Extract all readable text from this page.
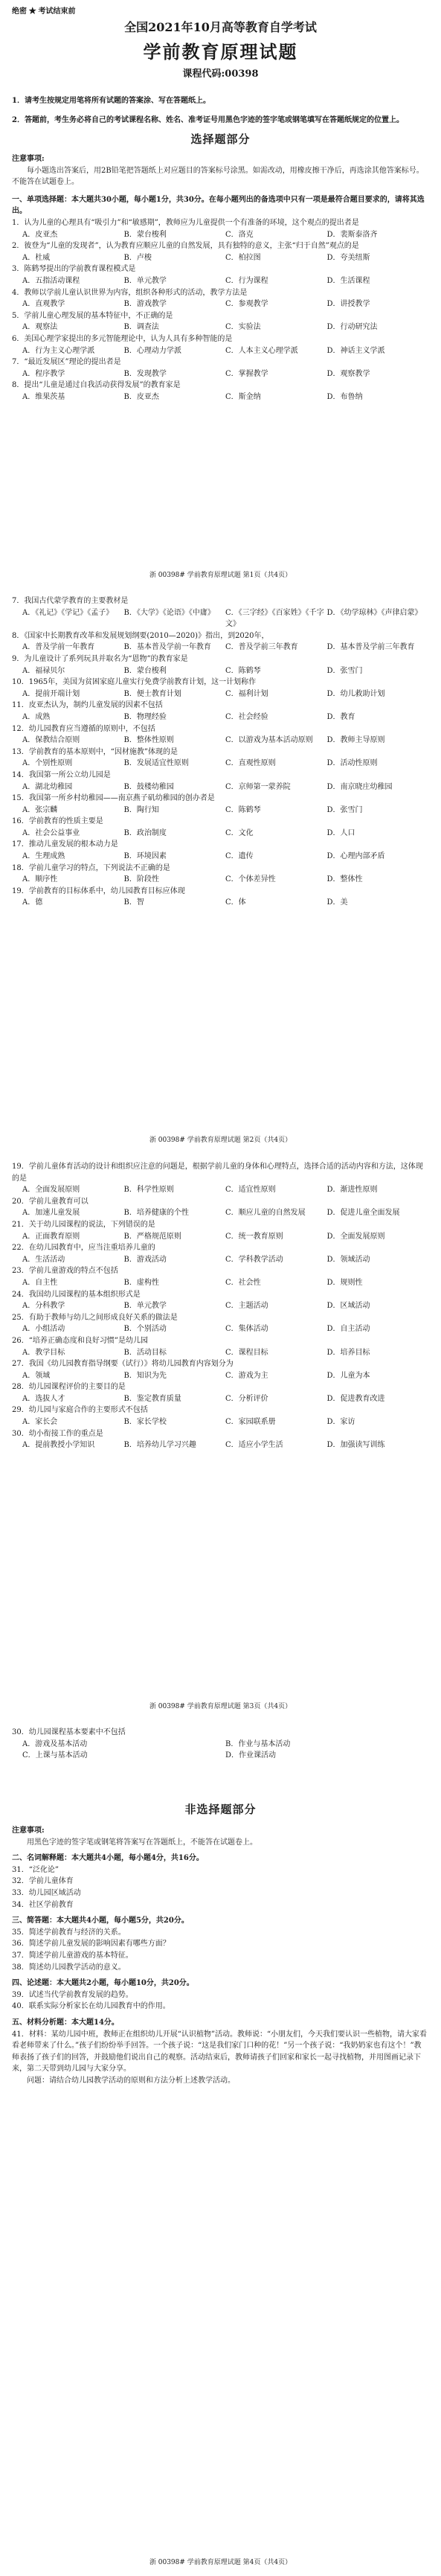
绝密 ★ 考试结束前
全国2021年10月高等教育自学考试
学前教育原理试题
课程代码:00398

1．请考生按规定用笔将所有试题的答案涂、写在答题纸上。

2．答题前，考生务必将自己的考试课程名称、姓名、准考证号用黑色字迹的签字笔或钢笔填写在答题纸规定的位置上。

选择题部分

注意事项:

每小题选出答案后，用2B铅笔把答题纸上对应题目的答案标号涂黑。如需改动，用橡皮擦干净后，再选涂其他答案标号。不能答在试题卷上。

一、单项选择题：本大题共30小题，每小题1分，共30分。在每小题列出的备选项中只有一项是最符合题目要求的，请将其选出。

1．认为儿童的心理具有“吸引力”和“敏感期”，教师应为儿童提供一个有准备的环境，这个观点的提出者是

A．皮亚杰	B．蒙台梭利	C．洛克	D．裴斯泰洛齐

2．彼登为“儿童的发现者”，认为教育应顺应儿童的自然发展，具有独特的意义，主张“归于自然”观点的是

A．杜威	B．卢梭	C．柏拉图	D．夸美纽斯

3．陈鹤琴提出的学前教育课程模式是

A．五指活动课程	B．单元教学	C．行为课程	D．生活课程

4．教师以学前儿童认识世界为内容，组织各种形式的活动，教学方法是

A．直观教学	B．游戏教学	C．参观教学	D．讲授教学

5．学前儿童心理发展的基本特征中，不正确的是

A．观察法	B．调查法	C．实验法	D．行动研究法

6．美国心理学家提出的多元智能理论中，认为人具有多种智能的是

A．行为主义心理学派	B．心理动力学派	C．人本主义心理学派	D．神话主义学派

7．“最近发展区”理论的提出者是

A．程序教学	B．发现教学	C．掌握教学	D．观察教学

8．提出“儿童是通过自我活动获得发展”的教育家是

A．维果茨基	B．皮亚杰	C．斯金纳	D．布鲁纳
浙 00398# 学前教育原理试题 第1页（共4页）

7．我国古代蒙学教育的主要教材是

A．《礼记》《学记》《孟子》	B．《大学》《论语》《中庸》	C．《三字经》《百家姓》《千字文》
D．《幼学琼林》《声律启蒙》

8．《国家中长期教育改革和发展规划纲要(2010—2020)》指出，到2020年，

A．普及学前一年教育	B．基本普及学前一年教育	C．普及学前三年教育	D．基本普及学前三年教育

9．为儿童设计了系列玩具并取名为“恩物”的教育家是

A．福禄贝尔	B．蒙台梭利	C．陈鹤琴	D．张雪门

10．1965年，美国为贫困家庭儿童实行免费学前教育计划，这一计划称作

A．提前开端计划	B．便士教育计划	C．福利计划	D．幼儿救助计划

11．皮亚杰认为，制约儿童发展的因素不包括

A．成熟	B．物理经验	C．社会经验	D．教育

12．幼儿园教育应当遵循的原则中，不包括

A．保教结合原则	B．整体性原则	C．以游戏为基本活动原则	D．教师主导原则

13．学前教育的基本原则中，“因材施教”体现的是

A．个别性原则	B．发展适宜性原则	C．直观性原则	D．活动性原则

14．我国第一所公立幼儿园是

A．湖北幼稚园	B．鼓楼幼稚园	C．京师第一蒙养院	D．南京晓庄幼稚园

15．我国第一所乡村幼稚园——南京燕子矶幼稚园的创办者是

A．张宗麟	B．陶行知	C．陈鹤琴	D．张雪门

16．学前教育的性质主要是

A．社会公益事业	B．政治制度	C．文化	D．人口

17．推动儿童发展的根本动力是

A．生理成熟	B．环境因素	C．遗传	D．心理内部矛盾

18．学前儿童学习的特点，下列说法不正确的是

A．顺序性	B．阶段性	C．个体差异性	D．整体性

19．学前教育的目标体系中，幼儿园教育目标应体现

A．德	B．智	C．体	D．美
浙 00398# 学前教育原理试题 第2页（共4页）

19．学前儿童体育活动的设计和组织应注意的问题是，根据学前儿童的身体和心理特点，选择合适的活动内容和方法，这体现的是

A．全面发展原则	B．科学性原则	C．适宜性原则	D．渐进性原则

20．学前儿童教育可以

A．加速儿童发展	B．培养健康的个性	C．顺应儿童的自然发展	D．促进儿童全面发展

21．关于幼儿园课程的说法，下列错误的是

A．正面教育原则	B．严格规范原则	C．统一教育原则	D．全面发展原则

22．在幼儿园教育中，应当注重培养儿童的

A．生活活动	B．游戏活动	C．学科教学活动	D．领域活动

23．学前儿童游戏的特点不包括

A．自主性	B．虚构性	C．社会性	D．规则性

24．我国幼儿园课程的基本组织形式是

A．分科教学	B．单元教学	C．主题活动	D．区域活动

25．有助于教师与幼儿之间形成良好关系的做法是

A．小组活动	B．个别活动	C．集体活动	D．自主活动

26．“培养正确态度和良好习惯”是幼儿园

A．教学目标	B．活动目标	C．课程目标	D．培养目标

27．我国《幼儿园教育指导纲要（试行）》将幼儿园教育内容划分为

A．领域	B．知识为先	C．游戏为主	D．儿童为本

28．幼儿园课程评价的主要目的是

A．选拔人才	B．鉴定教育质量	C．分析评价	D．促进教育改进

29．幼儿园与家庭合作的主要形式不包括

A．家长会	B．家长学校	C．家园联系册	D．家访

30．幼小衔接工作的重点是

A．提前教授小学知识	B．培养幼儿学习兴趣	C．适应小学生活	D．加强读写训练
浙 00398# 学前教育原理试题 第3页（共4页）

30．幼儿园课程基本要素中不包括

A．游戏及基本活动	B．作业与基本活动
C．上课与基本活动	D．作业课活动
非选择题部分

注意事项:

用黑色字迹的签字笔或钢笔将答案写在答题纸上，不能答在试题卷上。

二、名词解释题：本大题共4小题，每小题4分，共16分。

31．“泛化论”

32．学前儿童体育

33．幼儿园区域活动

34．社区学前教育

三、简答题：本大题共4小题，每小题5分，共20分。

35．简述学前教育与经济的关系。

36．简述学前儿童发展的影响因素有哪些方面？

37．简述学前儿童游戏的基本特征。

38．简述幼儿园教学活动的意义。

四、论述题：本大题共2小题，每小题10分，共20分。

39．试述当代学前教育发展的趋势。

40．联系实际分析家长在幼儿园教育中的作用。

五、材料分析题：本大题14分。

41．材料：某幼儿园中班，教师正在组织幼儿开展“认识植物”活动。教师说：“小朋友们，今天我们要认识一些植物，请大家看看老师带来了什么。”孩子们纷纷举手回答。一个孩子说：“这是我们家门口种的花！”另一个孩子说：“我奶奶家也有这个！”教师表扬了孩子们的回答，并鼓励他们说出自己的观察。活动结束后，教师请孩子们回家和家长一起寻找植物，并用图画记录下来，第二天带到幼儿园与大家分享。

问题：请结合幼儿园教学活动的原则和方法分析上述教学活动。

浙 00398# 学前教育原理试题 第4页（共4页）
